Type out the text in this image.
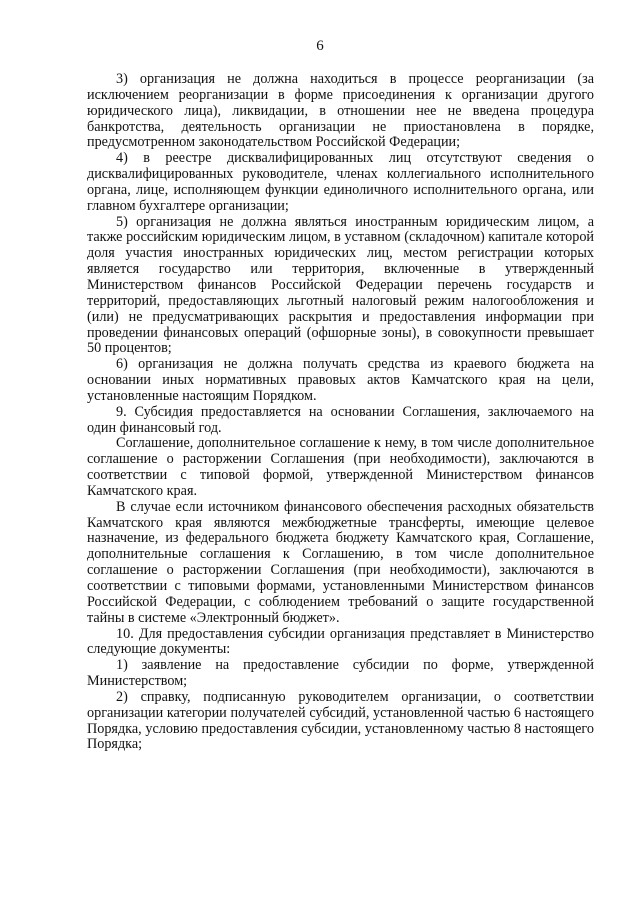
6

3) организация не должна находиться в процессе реорганизации (за исключением реорганизации в форме присоединения к организации другого юридического лица), ликвидации, в отношении нее не введена процедура банкротства, деятельность организации не приостановлена в порядке, предусмотренном законодательством Российской Федерации;

4) в реестре дисквалифицированных лиц отсутствуют сведения о дисквалифицированных руководителе, членах коллегиального исполнительного органа, лице, исполняющем функции единоличного исполнительного органа, или главном бухгалтере организации;

5) организация не должна являться иностранным юридическим лицом, а также российским юридическим лицом, в уставном (складочном) капитале которой доля участия иностранных юридических лиц, местом регистрации которых является государство или территория, включенные в утвержденный Министерством финансов Российской Федерации перечень государств и территорий, предоставляющих льготный налоговый режим налогообложения и (или) не предусматривающих раскрытия и предоставления информации при проведении финансовых операций (офшорные зоны), в совокупности превышает 50 процентов;

6) организация не должна получать средства из краевого бюджета на основании иных нормативных правовых актов Камчатского края на цели, установленные настоящим Порядком.

9. Субсидия предоставляется на основании Соглашения, заключаемого на один финансовый год.

Соглашение, дополнительное соглашение к нему, в том числе дополнительное соглашение о расторжении Соглашения (при необходимости), заключаются в соответствии с типовой формой, утвержденной Министерством финансов Камчатского края.

В случае если источником финансового обеспечения расходных обязательств Камчатского края являются межбюджетные трансферты, имеющие целевое назначение, из федерального бюджета бюджету Камчатского края, Соглашение, дополнительные соглашения к Соглашению, в том числе дополнительное соглашение о расторжении Соглашения (при необходимости), заключаются в соответствии с типовыми формами, установленными Министерством финансов Российской Федерации, с соблюдением требований о защите государственной тайны в системе «Электронный бюджет».

10. Для предоставления субсидии организация представляет в Министерство следующие документы:

1) заявление на предоставление субсидии по форме, утвержденной Министерством;

2) справку, подписанную руководителем организации, о соответствии организации категории получателей субсидий, установленной частью 6 настоящего Порядка, условию предоставления субсидии, установленному частью 8 настоящего Порядка;
